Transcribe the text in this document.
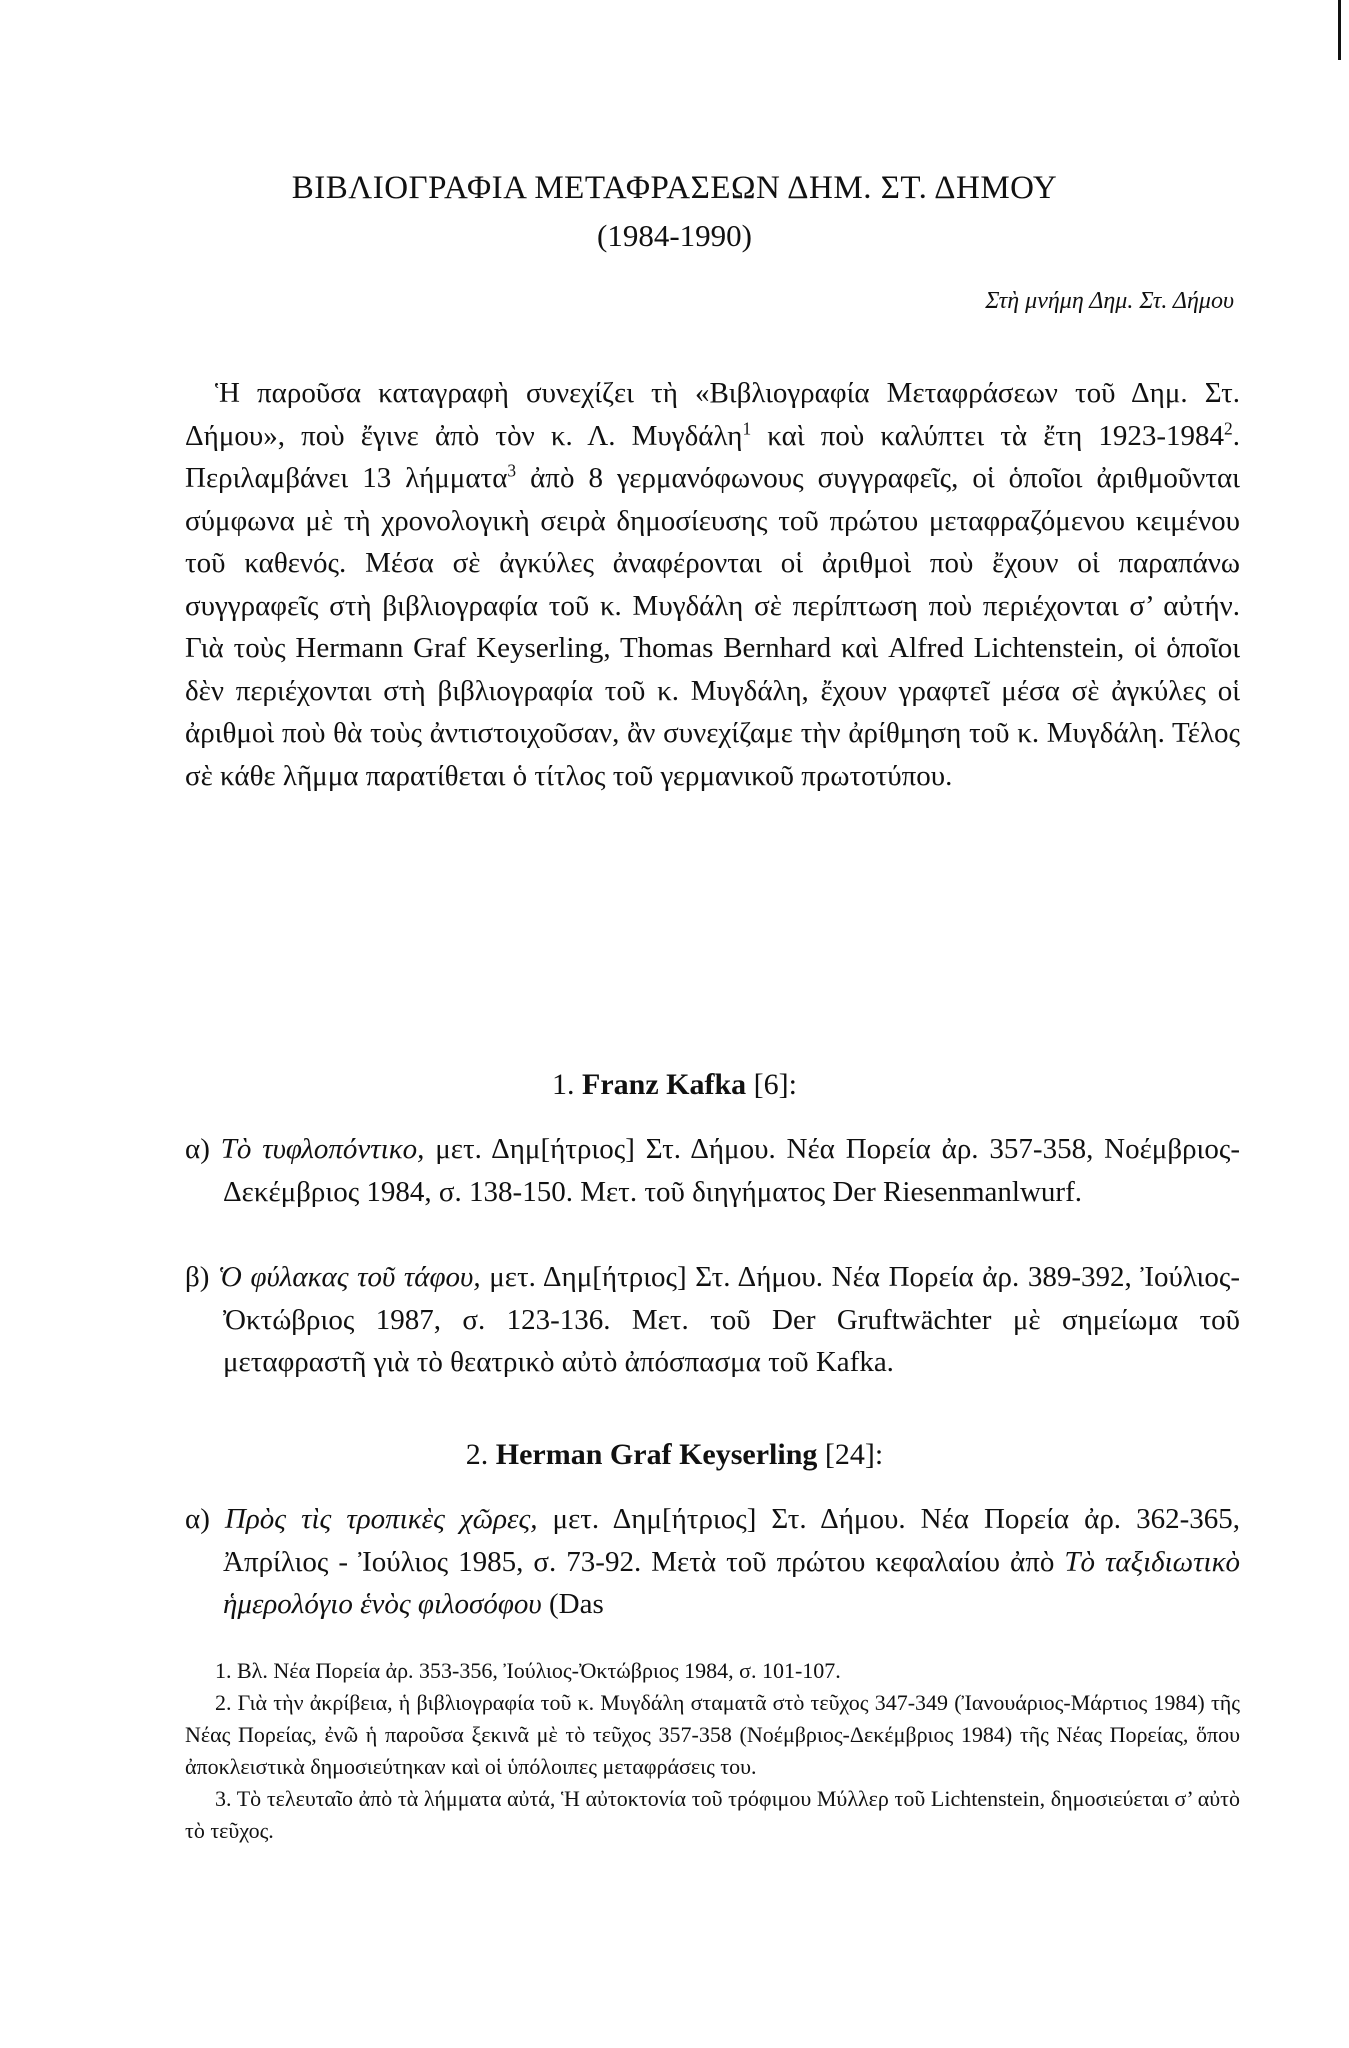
ΒΙΒΛΙΟΓΡΑΦΙΑ ΜΕΤΑΦΡΑΣΕΩΝ ΔΗΜ. ΣΤ. ΔΗΜΟΥ
(1984-1990)
Στὴ μνήμη Δημ. Στ. Δήμου
Ἡ παροῦσα καταγραφὴ συνεχίζει τὴ «Βιβλιογραφία Μεταφράσεων τοῦ Δημ. Στ. Δήμου», ποὺ ἔγινε ἀπὸ τὸν κ. Λ. Μυγδάλη$^1$ καὶ ποὺ καλύπτει τὰ ἔτη 1923-1984$^2$. Περιλαμβάνει 13 λήμματα$^3$ ἀπὸ 8 γερμανόφωνους συγγραφεῖς, οἱ ὁποῖοι ἀριθμοῦνται σύμφωνα μὲ τὴ χρονολογικὴ σειρὰ δημοσίευσης τοῦ πρώτου μεταφραζόμενου κειμένου τοῦ καθενός. Μέσα σὲ ἀγκύλες ἀναφέρονται οἱ ἀριθμοὶ ποὺ ἔχουν οἱ παραπάνω συγγραφεῖς στὴ βιβλιογραφία τοῦ κ. Μυγδάλη σὲ περίπτωση ποὺ περιέχονται σ’ αὐτήν. Γιὰ τοὺς Hermann Graf Keyserling, Thomas Bernhard καὶ Alfred Lichtenstein, οἱ ὁποῖοι δὲν περιέχονται στὴ βιβλιογραφία τοῦ κ. Μυγδάλη, ἔχουν γραφτεῖ μέσα σὲ ἀγκύλες οἱ ἀριθμοὶ ποὺ θὰ τοὺς ἀντιστοιχοῦσαν, ἂν συνεχίζαμε τὴν ἀρίθμηση τοῦ κ. Μυγδάλη. Τέλος σὲ κάθε λῆμμα παρατίθεται ὁ τίτλος τοῦ γερμανικοῦ πρωτοτύπου.
1. Franz Kafka [6]:
α) Τὸ τυφλοπόντικο, μετ. Δημ[ήτριος] Στ. Δήμου. Νέα Πορεία ἀρ. 357-358, Νοέμβριος-Δεκέμβριος 1984, σ. 138-150. Μετ. τοῦ διηγήματος Der Riesenmanlwurf.
β) Ὁ φύλακας τοῦ τάφου, μετ. Δημ[ήτριος] Στ. Δήμου. Νέα Πορεία ἀρ. 389-392, Ἰούλιος-Ὀκτώβριος 1987, σ. 123-136. Μετ. τοῦ Der Gruftwächter μὲ σημείωμα τοῦ μεταφραστῆ γιὰ τὸ θεατρικὸ αὐτὸ ἀπόσπασμα τοῦ Kafka.
2. Herman Graf Keyserling [24]:
α) Πρὸς τὶς τροπικὲς χῶρες, μετ. Δημ[ήτριος] Στ. Δήμου. Νέα Πορεία ἀρ. 362-365, Ἀπρίλιος - Ἰούλιος 1985, σ. 73-92. Μετὰ τοῦ πρώτου κεφαλαίου ἀπὸ Τὸ ταξιδιωτικὸ ἡμερολόγιο ἑνὸς φιλοσόφου (Das

1. Βλ. Νέα Πορεία ἀρ. 353-356, Ἰούλιος-Ὀκτώβριος 1984, σ. 101-107.

2. Γιὰ τὴν ἀκρίβεια, ἡ βιβλιογραφία τοῦ κ. Μυγδάλη σταματᾶ στὸ τεῦχος 347-349 (Ἰανουάριος-Μάρτιος 1984) τῆς Νέας Πορείας, ἐνῶ ἡ παροῦσα ξεκινᾶ μὲ τὸ τεῦχος 357-358 (Νοέμβριος-Δεκέμβριος 1984) τῆς Νέας Πορείας, ὅπου ἀποκλειστικὰ δημοσιεύτηκαν καὶ οἱ ὑπόλοιπες μεταφράσεις του.

3. Τὸ τελευταῖο ἀπὸ τὰ λήμματα αὐτά, Ἡ αὐτοκτονία τοῦ τρόφιμου Μύλλερ τοῦ Lichtenstein, δημοσιεύεται σ’ αὐτὸ τὸ τεῦχος.
